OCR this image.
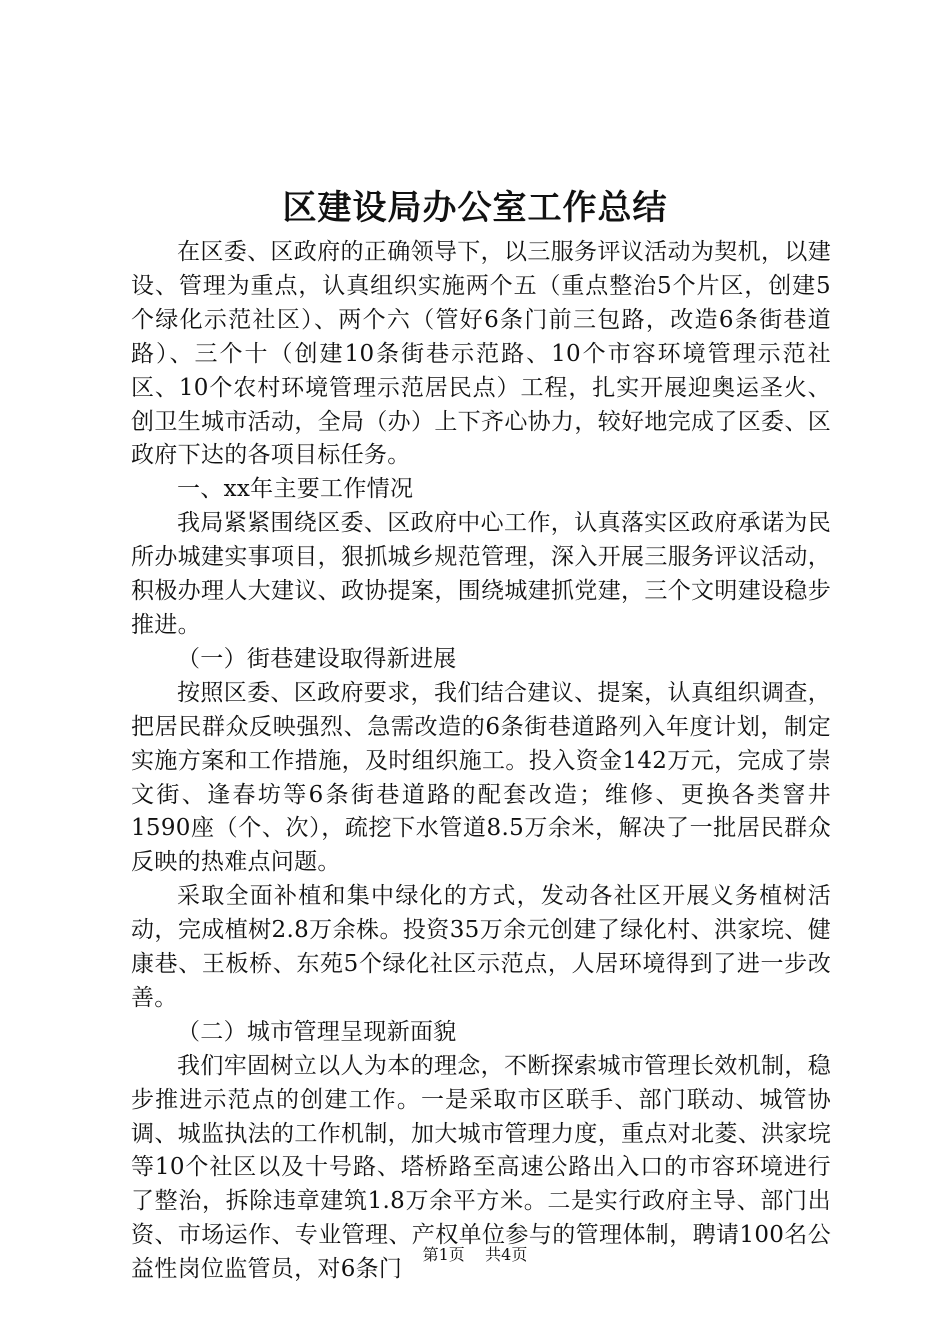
区建设局办公室工作总结

在区委、区政府的正确领导下，以三服务评议活动为契机，以建设、管理为重点，认真组织实施两个五（重点整治5个片区，创建5个绿化示范社区）、两个六（管好6条门前三包路，改造6条街巷道路）、三个十（创建10条街巷示范路、10个市容环境管理示范社区、10个农村环境管理示范居民点）工程，扎实开展迎奥运圣火、创卫生城市活动，全局（办）上下齐心协力，较好地完成了区委、区政府下达的各项目标任务。

一、xx年主要工作情况

我局紧紧围绕区委、区政府中心工作，认真落实区政府承诺为民所办城建实事项目，狠抓城乡规范管理，深入开展三服务评议活动，积极办理人大建议、政协提案，围绕城建抓党建，三个文明建设稳步推进。

（一）街巷建设取得新进展

按照区委、区政府要求，我们结合建议、提案，认真组织调查，把居民群众反映强烈、急需改造的6条街巷道路列入年度计划，制定实施方案和工作措施，及时组织施工。投入资金142万元，完成了崇文街、逢春坊等6条街巷道路的配套改造；维修、更换各类窨井1590座（个、次），疏挖下水管道8.5万余米，解决了一批居民群众反映的热难点问题。

采取全面补植和集中绿化的方式，发动各社区开展义务植树活动，完成植树2.8万余株。投资35万余元创建了绿化村、洪家垸、健康巷、王板桥、东苑5个绿化社区示范点，人居环境得到了进一步改善。

（二）城市管理呈现新面貌

我们牢固树立以人为本的理念，不断探索城市管理长效机制，稳步推进示范点的创建工作。一是采取市区联手、部门联动、城管协调、城监执法的工作机制，加大城市管理力度，重点对北菱、洪家垸等10个社区以及十号路、塔桥路至高速公路出入口的市容环境进行了整治，拆除违章建筑1.8万余平方米。二是实行政府主导、部门出资、市场运作、专业管理、产权单位参与的管理体制，聘请100名公益性岗位监管员，对6条门

第1页 共4页
